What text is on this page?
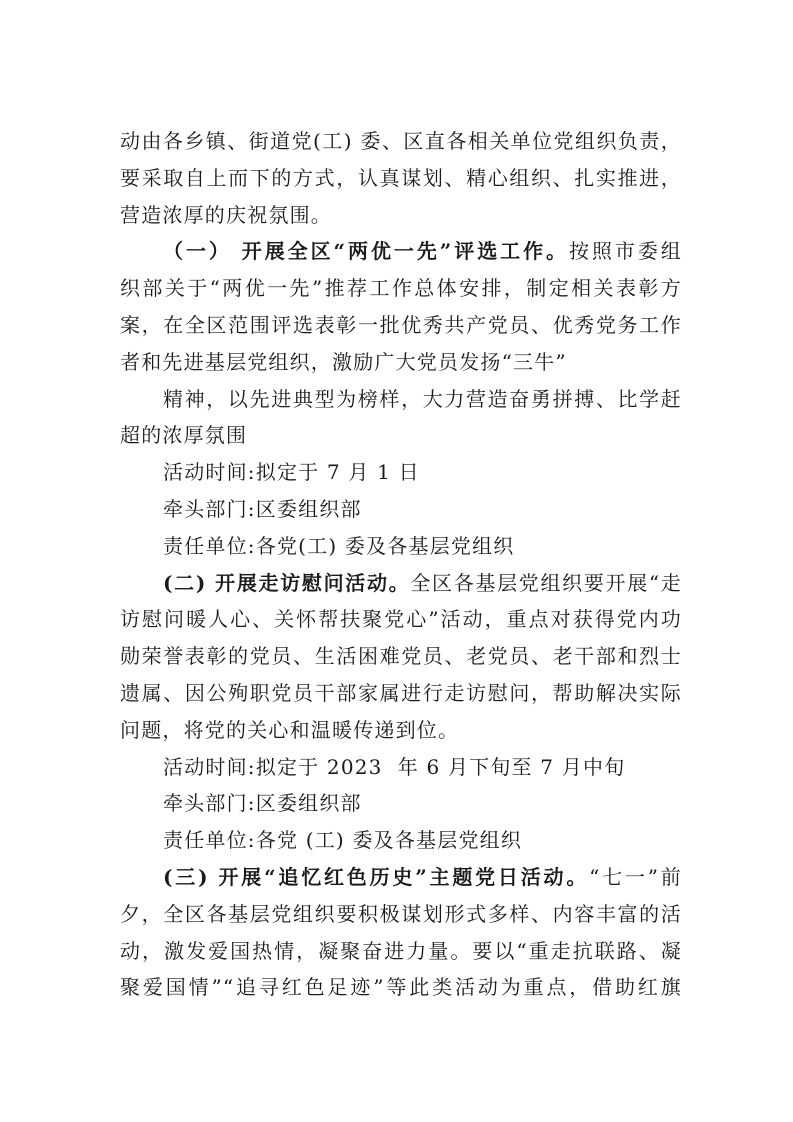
动由各乡镇、街道党(工) 委、区直各相关单位党组织负责，
要采取自上而下的方式，认真谋划、精心组织、扎实推进，
营造浓厚的庆祝氛围。
（一） 开展全区“两优一先”评选工作。按照市委组
织部关于“两优一先”推荐工作总体安排，制定相关表彰方
案，在全区范围评选表彰一批优秀共产党员、优秀党务工作
者和先进基层党组织，激励广大党员发扬“三牛”
精神，以先进典型为榜样，大力营造奋勇拼搏、比学赶
超的浓厚氛围
活动时间:拟定于 7 月 1 日
牵头部门:区委组织部
责任单位:各党(工) 委及各基层党组织
(二) 开展走访慰问活动。全区各基层党组织要开展“走
访慰问暖人心、关怀帮扶聚党心”活动，重点对获得党内功
勋荣誉表彰的党员、生活困难党员、老党员、老干部和烈士
遗属、因公殉职党员干部家属进行走访慰问，帮助解决实际
问题，将党的关心和温暖传递到位。
活动时间:拟定于 2023  年 6 月下旬至 7 月中旬
牵头部门:区委组织部
责任单位:各党 (工) 委及各基层党组织
(三) 开展“追忆红色历史”主题党日活动。“七一”前
夕，全区各基层党组织要积极谋划形式多样、内容丰富的活
动，激发爱国热情，凝聚奋进力量。要以“重走抗联路、凝
聚爱国情”“追寻红色足迹”等此类活动为重点，借助红旗
